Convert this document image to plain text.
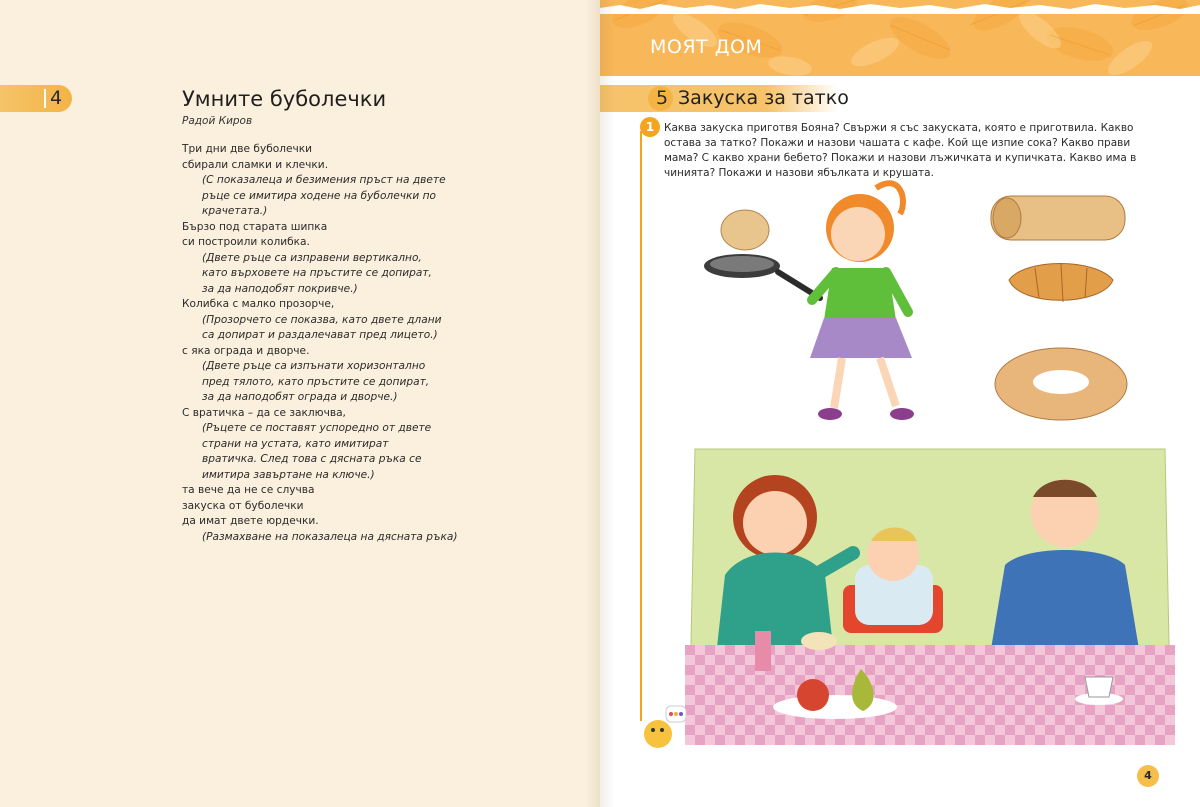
4	Умните буболечки
Радой Киров
Три дни две буболечки
сбирали сламки и клечки.
(С показалеца и безимения пръст на двете
ръце се имитира ходене на буболечки по
крачетата.)
Бързо под старата шипка
си построили колибка.
(Двете ръце са изправени вертикално,
като върховете на пръстите се допират,
за да наподобят покривче.)
Колибка с малко прозорче,
(Прозорчето се показва, като двете длани
са допират и раздалечават пред лицето.)
с яка ограда и дворче.
(Двете ръце са изпънати хоризонтално
пред тялото, като пръстите се допират,
за да наподобят ограда и дворче.)
С вратичка – да се заключва,
(Ръцете се поставят успоредно от двете
страни на устата, като имитират
вратичка. След това с дясната ръка се
имитира завъртане на ключе.)
та вече да не се случва
закуска от буболечки
да имат двете юрдечки.
(Размахване на показалеца на дясната ръка)
МОЯТ ДОМ
5 Закуска за татко
1 Каква закуска приготвя Бояна? Свържи я със закуската, която е приготвила. Какво остава за татко? Покажи и назови чашата с кафе. Кой ще изпие сока? Какво прави мама? С какво храни бебето? Покажи и назови лъжичката и купичката. Какво има в чинията? Покажи и назови ябълката и крушата.
4
